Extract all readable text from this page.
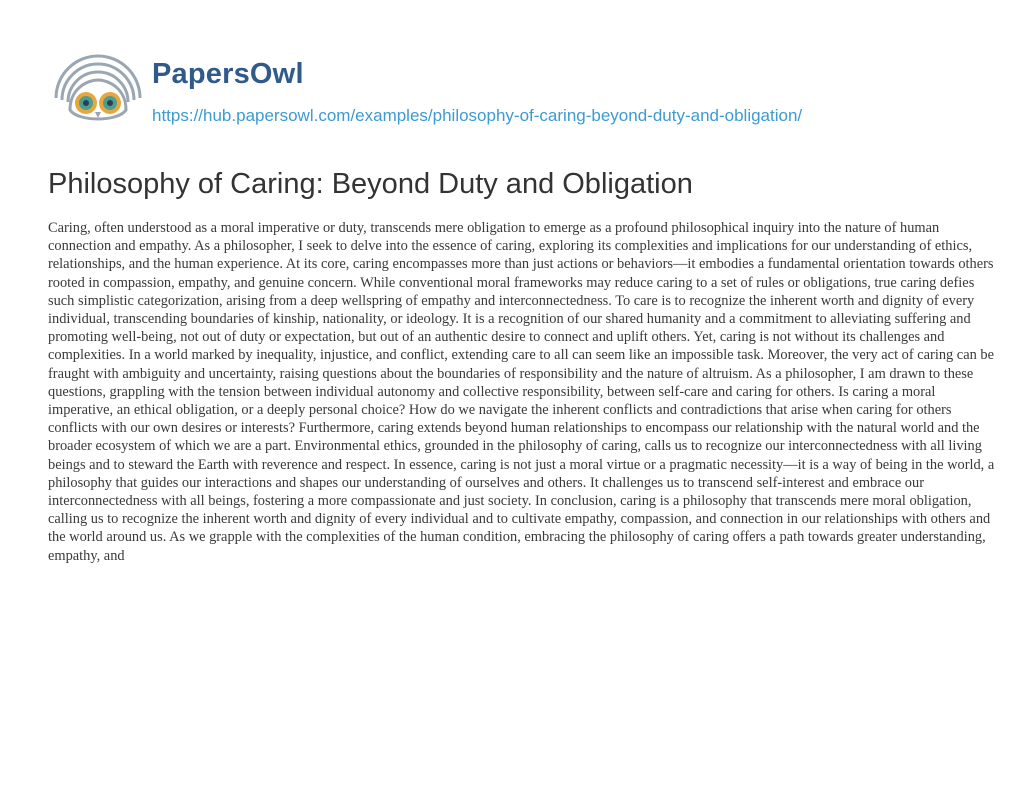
PapersOwl
https://hub.papersowl.com/examples/philosophy-of-caring-beyond-duty-and-obligation/
Philosophy of Caring: Beyond Duty and Obligation

Caring, often understood as a moral imperative or duty, transcends mere obligation to emerge as a profound philosophical inquiry into the nature of human connection and empathy. As a philosopher, I seek to delve into the essence of caring, exploring its complexities and implications for our understanding of ethics, relationships, and the human experience. At its core, caring encompasses more than just actions or behaviors—it embodies a fundamental orientation towards others rooted in compassion, empathy, and genuine concern. While conventional moral frameworks may reduce caring to a set of rules or obligations, true caring defies such simplistic categorization, arising from a deep wellspring of empathy and interconnectedness. To care is to recognize the inherent worth and dignity of every individual, transcending boundaries of kinship, nationality, or ideology. It is a recognition of our shared humanity and a commitment to alleviating suffering and promoting well-being, not out of duty or expectation, but out of an authentic desire to connect and uplift others. Yet, caring is not without its challenges and complexities. In a world marked by inequality, injustice, and conflict, extending care to all can seem like an impossible task. Moreover, the very act of caring can be fraught with ambiguity and uncertainty, raising questions about the boundaries of responsibility and the nature of altruism. As a philosopher, I am drawn to these questions, grappling with the tension between individual autonomy and collective responsibility, between self-care and caring for others. Is caring a moral imperative, an ethical obligation, or a deeply personal choice? How do we navigate the inherent conflicts and contradictions that arise when caring for others conflicts with our own desires or interests? Furthermore, caring extends beyond human relationships to encompass our relationship with the natural world and the broader ecosystem of which we are a part. Environmental ethics, grounded in the philosophy of caring, calls us to recognize our interconnectedness with all living beings and to steward the Earth with reverence and respect. In essence, caring is not just a moral virtue or a pragmatic necessity—it is a way of being in the world, a philosophy that guides our interactions and shapes our understanding of ourselves and others. It challenges us to transcend self-interest and embrace our interconnectedness with all beings, fostering a more compassionate and just society. In conclusion, caring is a philosophy that transcends mere moral obligation, calling us to recognize the inherent worth and dignity of every individual and to cultivate empathy, compassion, and connection in our relationships with others and the world around us. As we grapple with the complexities of the human condition, embracing the philosophy of caring offers a path towards greater understanding, empathy, and
